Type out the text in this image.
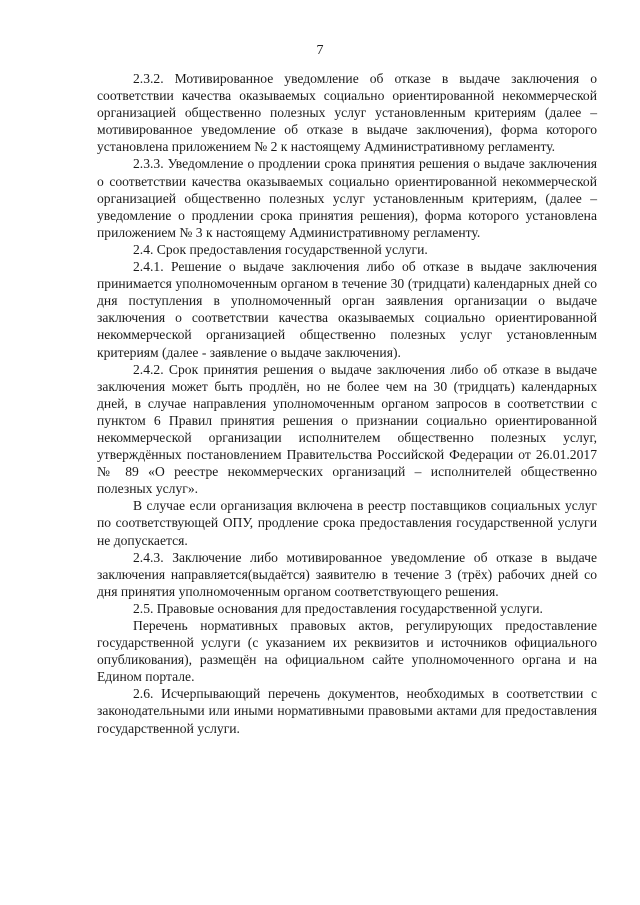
7

2.3.2. Мотивированное уведомление об отказе в выдаче заключения о соответствии качества оказываемых социально ориентированной некоммерческой организацией общественно полезных услуг установленным критериям (далее – мотивированное уведомление об отказе в выдаче заключения), форма которого установлена приложением № 2 к настоящему Административному регламенту.

2.3.3. Уведомление о продлении срока принятия решения о выдаче заключения о соответствии качества оказываемых социально ориентированной некоммерческой организацией общественно полезных услуг установленным критериям, (далее – уведомление о продлении срока принятия решения), форма которого установлена приложением № 3 к настоящему Административному регламенту.

2.4. Срок предоставления государственной услуги.

2.4.1. Решение о выдаче заключения либо об отказе в выдаче заключения принимается уполномоченным органом в течение 30 (тридцати) календарных дней со дня поступления в уполномоченный орган заявления организации о выдаче заключения о соответствии качества оказываемых социально ориентированной некоммерческой организацией общественно полезных услуг установленным критериям (далее - заявление о выдаче заключения).

2.4.2. Срок принятия решения о выдаче заключения либо об отказе в выдаче заключения может быть продлён, но не более чем на 30 (тридцать) календарных дней, в случае направления уполномоченным органом запросов в соответствии с пунктом 6 Правил принятия решения о признании социально ориентированной некоммерческой организации исполнителем общественно полезных услуг, утверждённых постановлением Правительства Российской Федерации от 26.01.2017 № 89 «О реестре некоммерческих организаций – исполнителей общественно полезных услуг».

В случае если организация включена в реестр поставщиков социальных услуг по соответствующей ОПУ, продление срока предоставления государственной услуги не допускается.

2.4.3. Заключение либо мотивированное уведомление об отказе в выдаче заключения направляется(выдаётся) заявителю в течение 3 (трёх) рабочих дней со дня принятия уполномоченным органом соответствующего решения.

2.5. Правовые основания для предоставления государственной услуги.

Перечень нормативных правовых актов, регулирующих предоставление государственной услуги (с указанием их реквизитов и источников официального опубликования), размещён на официальном сайте уполномоченного органа и на Едином портале.

2.6. Исчерпывающий перечень документов, необходимых в соответствии с законодательными или иными нормативными правовыми актами для предоставления государственной услуги.
